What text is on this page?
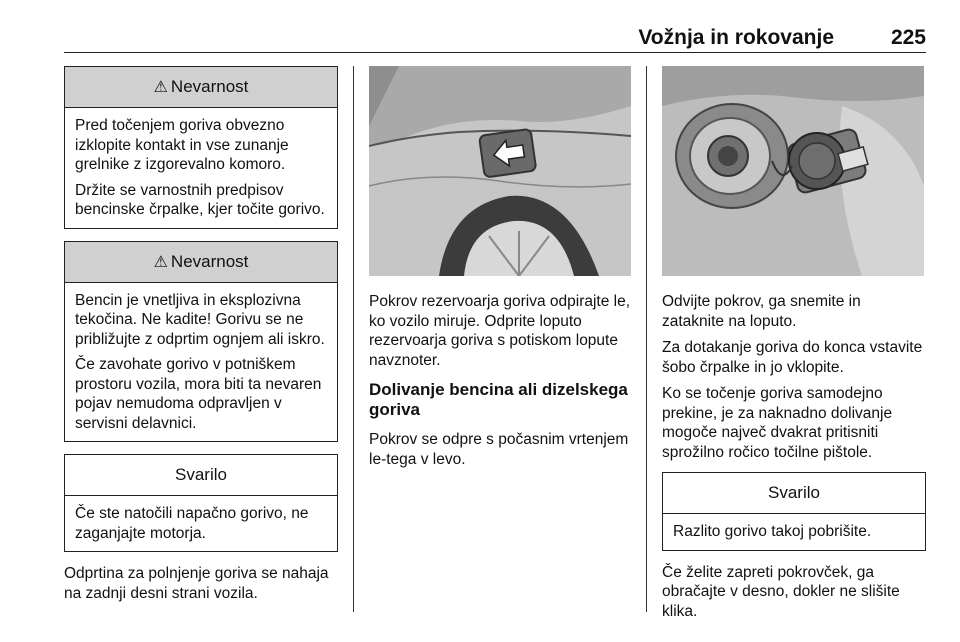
Vožnja in rokovanje	225
⚠ Nevarnost

Pred točenjem goriva obvezno izklopite kontakt in vse zunanje grelnike z izgorevalno komoro.

Držite se varnostnih predpisov bencinske črpalke, kjer točite gorivo.

⚠ Nevarnost

Bencin je vnetljiva in eksplozivna tekočina. Ne kadite! Gorivu se ne približujte z odprtim ognjem ali iskro.

Če zavohate gorivo v potniškem prostoru vozila, mora biti ta nevaren pojav nemudoma odpravljen v servisni delavnici.

Svarilo

Če ste natočili napačno gorivo, ne zaganjajte motorja.

Odprtina za polnjenje goriva se nahaja na zadnji desni strani vozila.

Pokrov rezervoarja goriva odpirajte le, ko vozilo miruje. Odprite loputo rezervoarja goriva s potiskom lopute navznoter.

Dolivanje bencina ali dizelskega goriva

Pokrov se odpre s počasnim vrtenjem le-tega v levo.

Odvijte pokrov, ga snemite in zataknite na loputo.

Za dotakanje goriva do konca vstavite šobo črpalke in jo vklopite.

Ko se točenje goriva samodejno prekine, je za naknadno dolivanje mogoče največ dvakrat pritisniti sprožilno ročico točilne pištole.

Svarilo

Razlito gorivo takoj pobrišite.

Če želite zapreti pokrovček, ga obračajte v desno, dokler ne slišite klika.
